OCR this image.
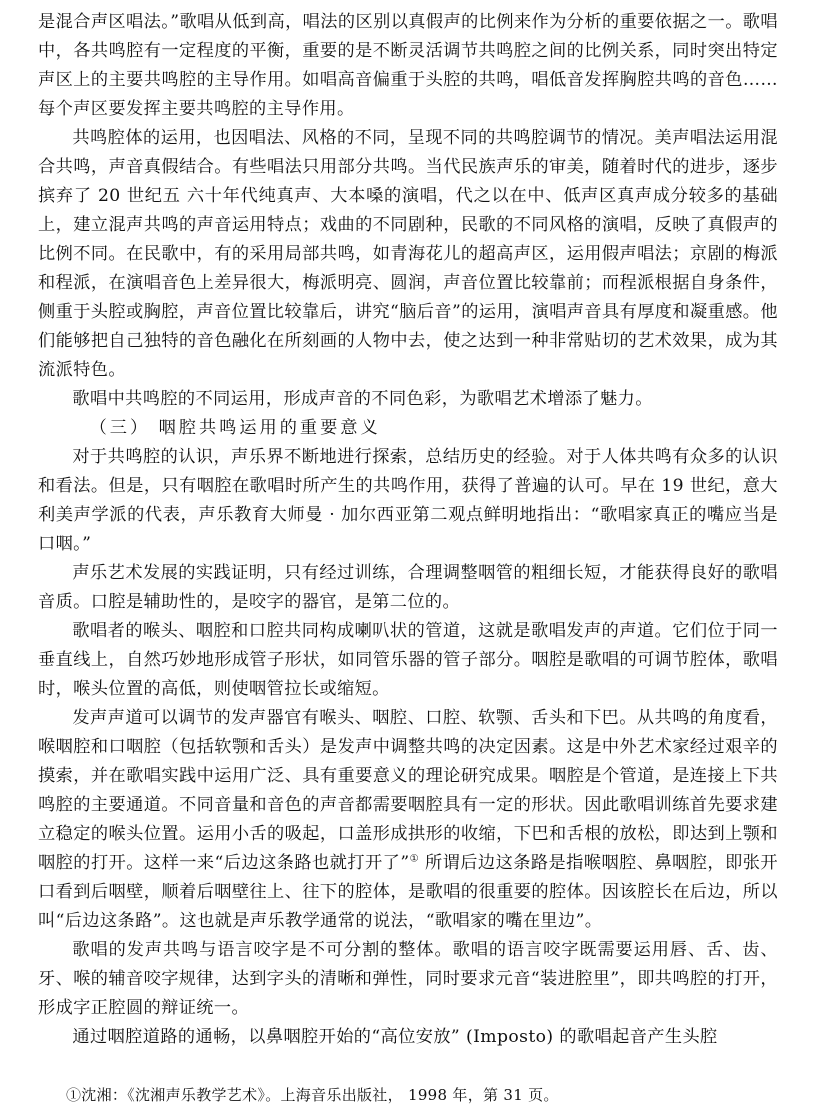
是混合声区唱法。”歌唱从低到高，唱法的区别以真假声的比例来作为分析的重要依据之一。歌唱中，各共鸣腔有一定程度的平衡，重要的是不断灵活调节共鸣腔之间的比例关系，同时突出特定声区上的主要共鸣腔的主导作用。如唱高音偏重于头腔的共鸣，唱低音发挥胸腔共鸣的音色……每个声区要发挥主要共鸣腔的主导作用。

共鸣腔体的运用，也因唱法、风格的不同，呈现不同的共鸣腔调节的情况。美声唱法运用混合共鸣，声音真假结合。有些唱法只用部分共鸣。当代民族声乐的审美，随着时代的进步，逐步摈弃了 20 世纪五 六十年代纯真声、大本嗓的演唱，代之以在中、低声区真声成分较多的基础上，建立混声共鸣的声音运用特点；戏曲的不同剧种，民歌的不同风格的演唱，反映了真假声的比例不同。在民歌中，有的采用局部共鸣，如青海花儿的超高声区，运用假声唱法；京剧的梅派和程派，在演唱音色上差异很大，梅派明亮、圆润，声音位置比较靠前；而程派根据自身条件，侧重于头腔或胸腔，声音位置比较靠后，讲究“脑后音”的运用，演唱声音具有厚度和凝重感。他们能够把自己独特的音色融化在所刻画的人物中去，使之达到一种非常贴切的艺术效果，成为其流派特色。

歌唱中共鸣腔的不同运用，形成声音的不同色彩，为歌唱艺术增添了魅力。

（三） 咽腔共鸣运用的重要意义

对于共鸣腔的认识，声乐界不断地进行探索，总结历史的经验。对于人体共鸣有众多的认识和看法。但是，只有咽腔在歌唱时所产生的共鸣作用，获得了普遍的认可。早在 19 世纪，意大利美声学派的代表，声乐教育大师曼 · 加尔西亚第二观点鲜明地指出：“歌唱家真正的嘴应当是口咽。”

声乐艺术发展的实践证明，只有经过训练，合理调整咽管的粗细长短，才能获得良好的歌唱音质。口腔是辅助性的，是咬字的器官，是第二位的。

歌唱者的喉头、咽腔和口腔共同构成喇叭状的管道，这就是歌唱发声的声道。它们位于同一垂直线上，自然巧妙地形成管子形状，如同管乐器的管子部分。咽腔是歌唱的可调节腔体，歌唱时，喉头位置的高低，则使咽管拉长或缩短。

发声声道可以调节的发声器官有喉头、咽腔、口腔、软颚、舌头和下巴。从共鸣的角度看，喉咽腔和口咽腔（包括软颚和舌头）是发声中调整共鸣的决定因素。这是中外艺术家经过艰辛的摸索，并在歌唱实践中运用广泛、具有重要意义的理论研究成果。咽腔是个管道，是连接上下共鸣腔的主要通道。不同音量和音色的声音都需要咽腔具有一定的形状。因此歌唱训练首先要求建立稳定的喉头位置。运用小舌的吸起，口盖形成拱形的收缩，下巴和舌根的放松，即达到上颚和咽腔的打开。这样一来“后边这条路也就打开了”① 所谓后边这条路是指喉咽腔、鼻咽腔，即张开口看到后咽壁，顺着后咽壁往上、往下的腔体，是歌唱的很重要的腔体。因该腔长在后边，所以叫“后边这条路”。这也就是声乐教学通常的说法，“歌唱家的嘴在里边”。

歌唱的发声共鸣与语言咬字是不可分割的整体。歌唱的语言咬字既需要运用唇、舌、齿、牙、喉的辅音咬字规律，达到字头的清晰和弹性，同时要求元音“装进腔里”，即共鸣腔的打开，形成字正腔圆的辩证统一。

通过咽腔道路的通畅，以鼻咽腔开始的“高位安放” (Imposto) 的歌唱起音产生头腔

①沈湘：《沈湘声乐教学艺术》。上海音乐出版社， 1998 年，第 31 页。
